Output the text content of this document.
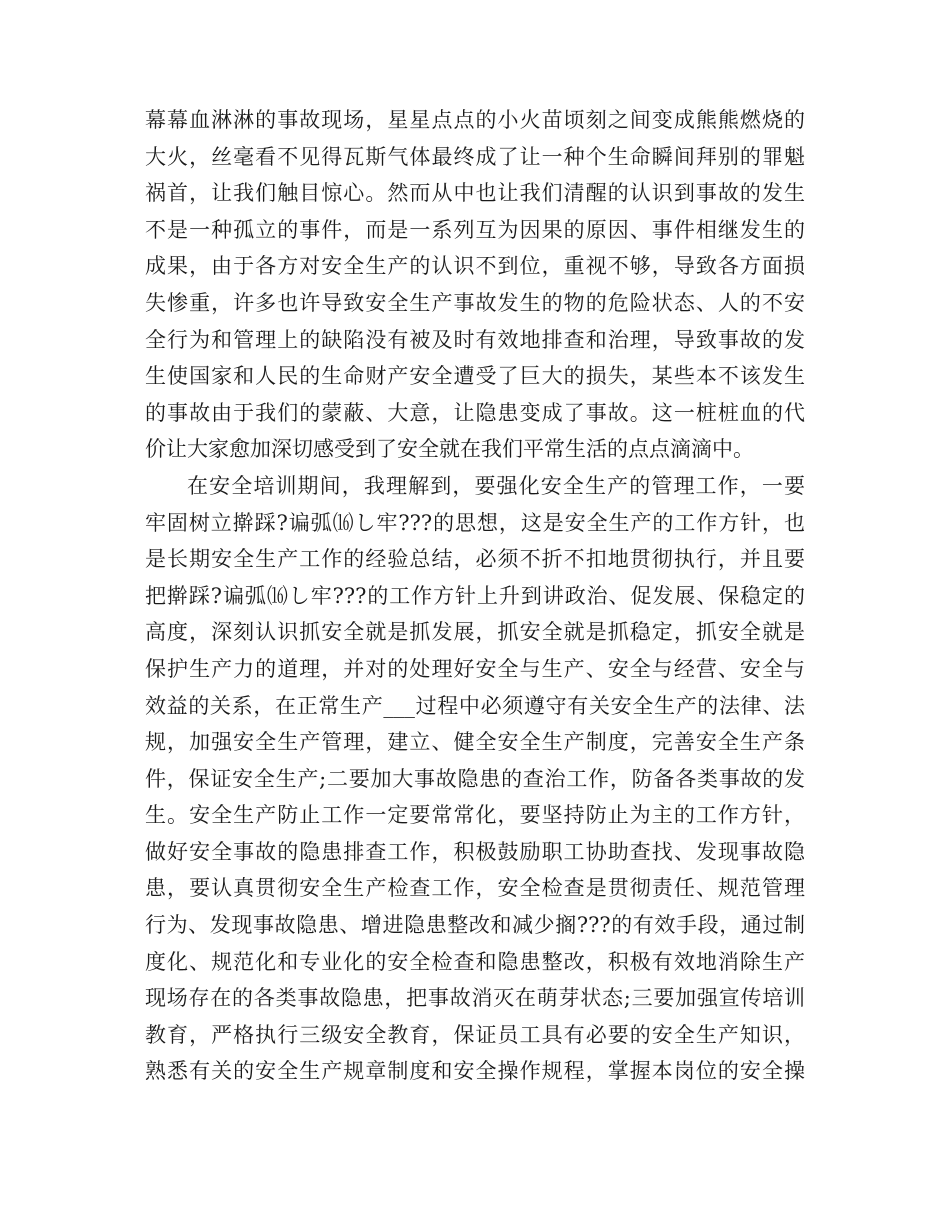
幕幕血淋淋的事故现场，星星点点的小火苗顷刻之间变成熊熊燃烧的
大火，丝毫看不见得瓦斯气体最终成了让一种个生命瞬间拜别的罪魁
祸首，让我们触目惊心。然而从中也让我们清醒的认识到事故的发生
不是一种孤立的事件，而是一系列互为因果的原因、事件相继发生的
成果，由于各方对安全生产的认识不到位，重视不够，导致各方面损
失惨重，许多也许导致安全生产事故发生的物的危险状态、人的不安
全行为和管理上的缺陷没有被及时有效地排查和治理，导致事故的发
生使国家和人民的生命财产安全遭受了巨大的损失，某些本不该发生
的事故由于我们的蒙蔽、大意，让隐患变成了事故。这一桩桩血的代
价让大家愈加深切感受到了安全就在我们平常生活的点点滴滴中。
在安全培训期间，我理解到，要强化安全生产的管理工作，一要
牢固树立擀踩?谝弧⒃し牢???的思想，这是安全生产的工作方针，也
是长期安全生产工作的经验总结，必须不折不扣地贯彻执行，并且要
把擀踩?谝弧⒃し牢???的工作方针上升到讲政治、促发展、保稳定的
高度，深刻认识抓安全就是抓发展，抓安全就是抓稳定，抓安全就是
保护生产力的道理，并对的处理好安全与生产、安全与经营、安全与
效益的关系，在正常生产___过程中必须遵守有关安全生产的法律、法
规，加强安全生产管理，建立、健全安全生产制度，完善安全生产条
件，保证安全生产;二要加大事故隐患的查治工作，防备各类事故的发
生。安全生产防止工作一定要常常化，要坚持防止为主的工作方针，
做好安全事故的隐患排查工作，积极鼓励职工协助查找、发现事故隐
患，要认真贯彻安全生产检查工作，安全检查是贯彻责任、规范管理
行为、发现事故隐患、增进隐患整改和减少搁???的有效手段，通过制
度化、规范化和专业化的安全检查和隐患整改，积极有效地消除生产
现场存在的各类事故隐患，把事故消灭在萌芽状态;三要加强宣传培训
教育，严格执行三级安全教育，保证员工具有必要的安全生产知识，
熟悉有关的安全生产规章制度和安全操作规程，掌握本岗位的安全操
